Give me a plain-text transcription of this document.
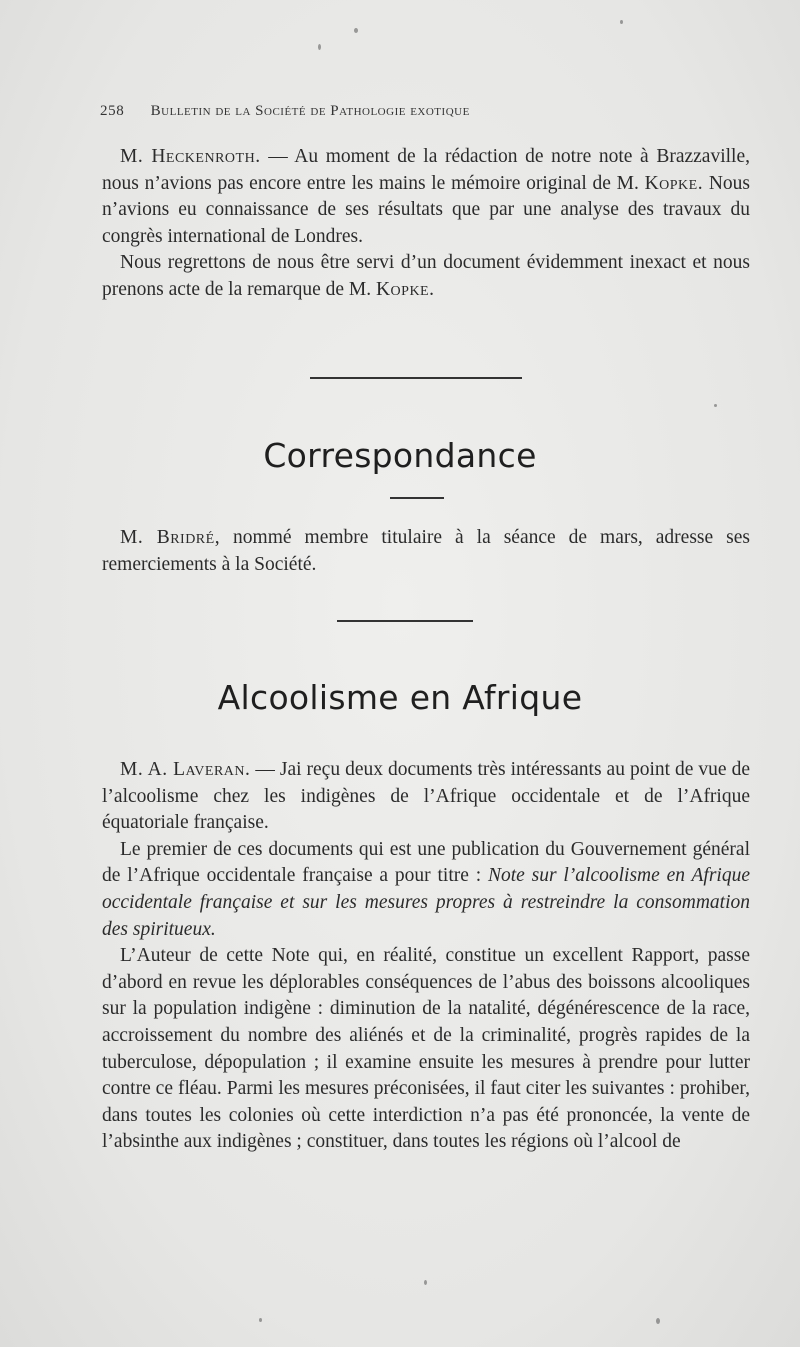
258 Bulletin de la Société de Pathologie exotique

M. Heckenroth. — Au moment de la rédaction de notre note à Brazzaville, nous n’avions pas encore entre les mains le mémoire original de M. Kopke. Nous n’avions eu connaissance de ses résultats que par une analyse des travaux du congrès international de Londres.

Nous regrettons de nous être servi d’un document évidemment inexact et nous prenons acte de la remarque de M. Kopke.

Correspondance

M. Bridré, nommé membre titulaire à la séance de mars, adresse ses remerciements à la Société.

Alcoolisme en Afrique

M. A. Laveran. — Jai reçu deux documents très intéressants au point de vue de l’alcoolisme chez les indigènes de l’Afrique occidentale et de l’Afrique équatoriale française.

Le premier de ces documents qui est une publication du Gouvernement général de l’Afrique occidentale française a pour titre : Note sur l’alcoolisme en Afrique occidentale française et sur les mesures propres à restreindre la consommation des spiritueux.

L’Auteur de cette Note qui, en réalité, constitue un excellent Rapport, passe d’abord en revue les déplorables conséquences de l’abus des boissons alcooliques sur la population indigène : diminution de la natalité, dégénérescence de la race, accroissement du nombre des aliénés et de la criminalité, progrès rapides de la tuberculose, dépopulation ; il examine ensuite les mesures à prendre pour lutter contre ce fléau. Parmi les mesures préconisées, il faut citer les suivantes : prohiber, dans toutes les colonies où cette interdiction n’a pas été prononcée, la vente de l’absinthe aux indigènes ; constituer, dans toutes les régions où l’alcool de
